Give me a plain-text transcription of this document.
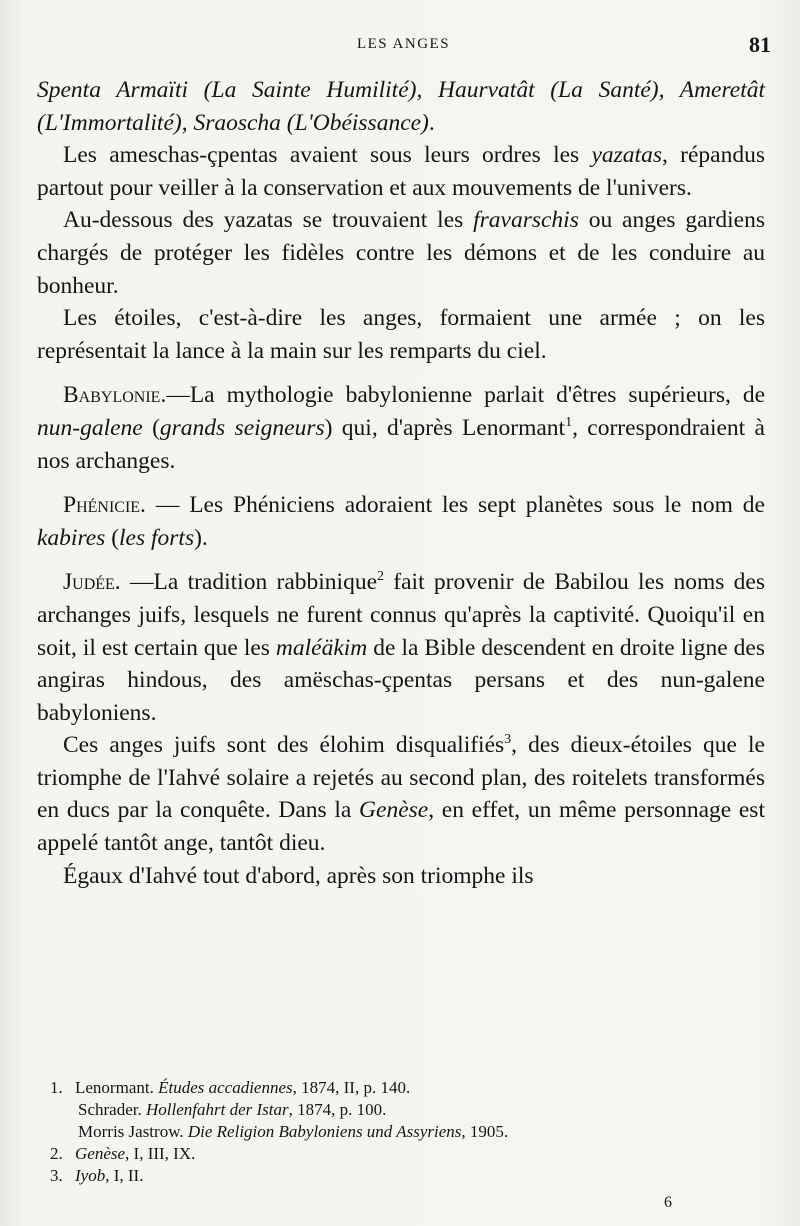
LES ANGES	81

Spenta Armaïti (La Sainte Humilité), Haurvatât (La Santé), Ameretât (L'Immortalité), Sraoscha (L'Obéissance).

Les ameschas-çpentas avaient sous leurs ordres les yazatas, répandus partout pour veiller à la conservation et aux mouvements de l'univers.

Au-dessous des yazatas se trouvaient les fravarschis ou anges gardiens chargés de protéger les fidèles contre les démons et de les conduire au bonheur.

Les étoiles, c'est-à-dire les anges, formaient une armée ; on les représentait la lance à la main sur les remparts du ciel.

Babylonie.—La mythologie babylonienne parlait d'êtres supérieurs, de nun-galene (grands seigneurs) qui, d'après Lenormant$^1$, correspondraient à nos archanges.

Phénicie. — Les Phéniciens adoraient les sept planètes sous le nom de kabires (les forts).

Judée. —La tradition rabbinique$^2$ fait provenir de Babilou les noms des archanges juifs, lesquels ne furent connus qu'après la captivité. Quoiqu'il en soit, il est certain que les maléäkim de la Bible descendent en droite ligne des angiras hindous, des amëschas-çpentas persans et des nun-galene babyloniens.

Ces anges juifs sont des élohim disqualifiés$^3$, des dieux-étoiles que le triomphe de l'Iahvé solaire a rejetés au second plan, des roitelets transformés en ducs par la conquête. Dans la Genèse, en effet, un même personnage est appelé tantôt ange, tantôt dieu.

Égaux d'Iahvé tout d'abord, après son triomphe ils

1. Lenormant. Études accadiennes, 1874, II, p. 140.

Schrader. Hollenfahrt der Istar, 1874, p. 100.

Morris Jastrow. Die Religion Babyloniens und Assyriens, 1905.

2. Genèse, I, III, IX.

3. Iyob, I, II.

6
